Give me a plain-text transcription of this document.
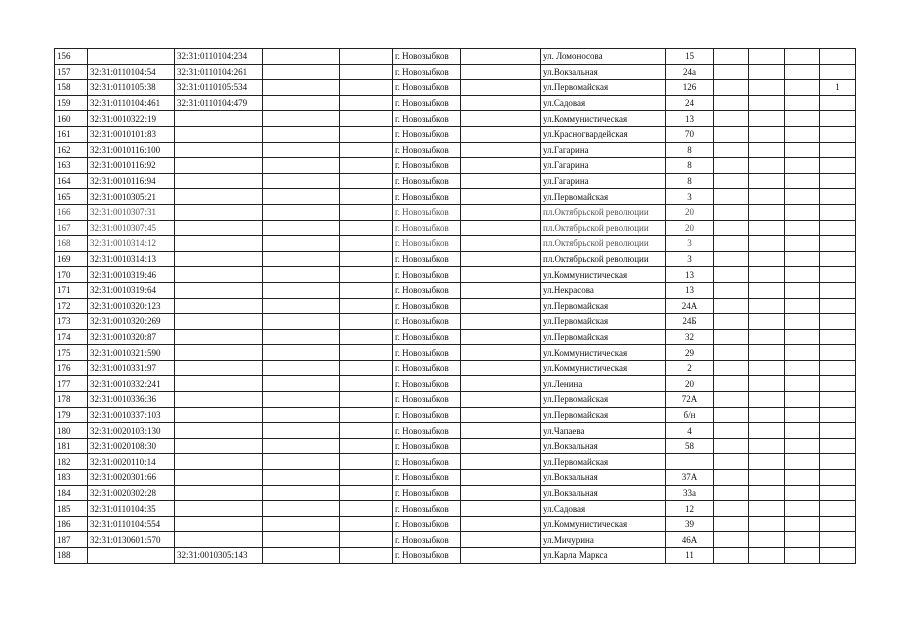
156		32:31:0110104:234			г. Новозыбков		ул. Ломоносова	15				
157	32:31:0110104:54	32:31:0110104:261			г. Новозыбков		ул.Вокзальная	24а				
158	32:31:0110105:38	32:31:0110105:534			г. Новозыбков		ул.Первомайская	126				1
159	32:31:0110104:461	32:31:0110104:479			г. Новозыбков		ул.Садовая	24				
160	32:31:0010322:19				г. Новозыбков		ул.Коммунистическая	13				
161	32:31:0010101:83				г. Новозыбков		ул.Красногвардейская	70				
162	32:31:0010116:100				г. Новозыбков		ул.Гагарина	8				
163	32:31:0010116:92				г. Новозыбков		ул.Гагарина	8				
164	32:31:0010116:94				г. Новозыбков		ул.Гагарина	8				
165	32:31:0010305:21				г. Новозыбков		ул.Первомайская	3				
166	32:31:0010307:31				г. Новозыбков		пл.Октябрьской революции	20				
167	32:31:0010307:45				г. Новозыбков		пл.Октябрьской революции	20				
168	32:31:0010314:12				г. Новозыбков		пл.Октябрьской революции	3				
169	32:31:0010314:13				г. Новозыбков		пл.Октябрьской революции	3				
170	32:31:0010319:46				г. Новозыбков		ул.Коммунистическая	13				
171	32:31:0010319:64				г. Новозыбков		ул.Некрасова	13				
172	32:31:0010320:123				г. Новозыбков		ул.Первомайская	24А				
173	32:31:0010320:269				г. Новозыбков		ул.Первомайская	24Б				
174	32:31:0010320:87				г. Новозыбков		ул.Первомайская	32				
175	32:31:0010321:590				г. Новозыбков		ул.Коммунистическая	29				
176	32:31:0010331:97				г. Новозыбков		ул.Коммунистическая	2				
177	32:31:0010332:241				г. Новозыбков		ул.Ленина	20				
178	32:31:0010336:36				г. Новозыбков		ул.Первомайская	72А				
179	32:31:0010337:103				г. Новозыбков		ул.Первомайская	б/н				
180	32:31:0020103:130				г. Новозыбков		ул.Чапаева	4				
181	32:31:0020108:30				г. Новозыбков		ул.Вокзальная	58				
182	32:31:0020110:14				г. Новозыбков		ул.Первомайская					
183	32:31:0020301:66				г. Новозыбков		ул.Вокзальная	37А				
184	32:31:0020302:28				г. Новозыбков		ул.Вокзальная	33а				
185	32:31:0110104:35				г. Новозыбков		ул.Садовая	12				
186	32:31:0110104:554				г. Новозыбков		ул.Коммунистическая	39				
187	32:31:0130601:570				г. Новозыбков		ул.Мичурина	46А				
188		32:31:0010305:143			г. Новозыбков		ул.Карла Маркса	11				
